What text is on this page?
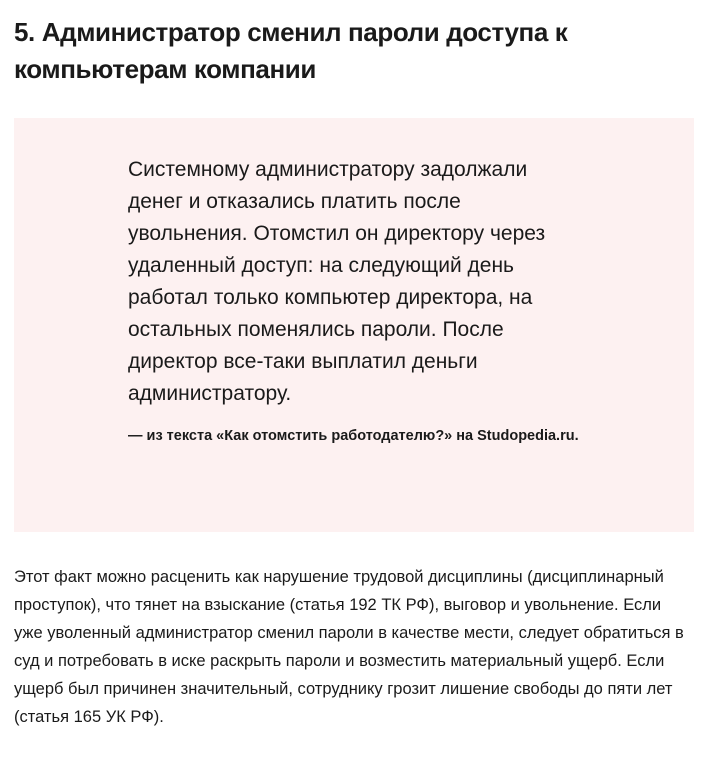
5. Администратор сменил пароли доступа к компьютерам компании

Системному администратору задолжали денег и отказались платить после увольнения. Отомстил он директору через удаленный доступ: на следующий день работал только компьютер директора, на остальных поменялись пароли. После директор все-таки выплатил деньги администратору.

— из текста «Как отомстить работодателю?» на Studopedia.ru.

Этот факт можно расценить как нарушение трудовой дисциплины (дисциплинарный проступок), что тянет на взыскание (статья 192 ТК РФ), выговор и увольнение. Если уже уволенный администратор сменил пароли в качестве мести, следует обратиться в суд и потребовать в иске раскрыть пароли и возместить материальный ущерб. Если ущерб был причинен значительный, сотруднику грозит лишение свободы до пяти лет (статья 165 УК РФ).
